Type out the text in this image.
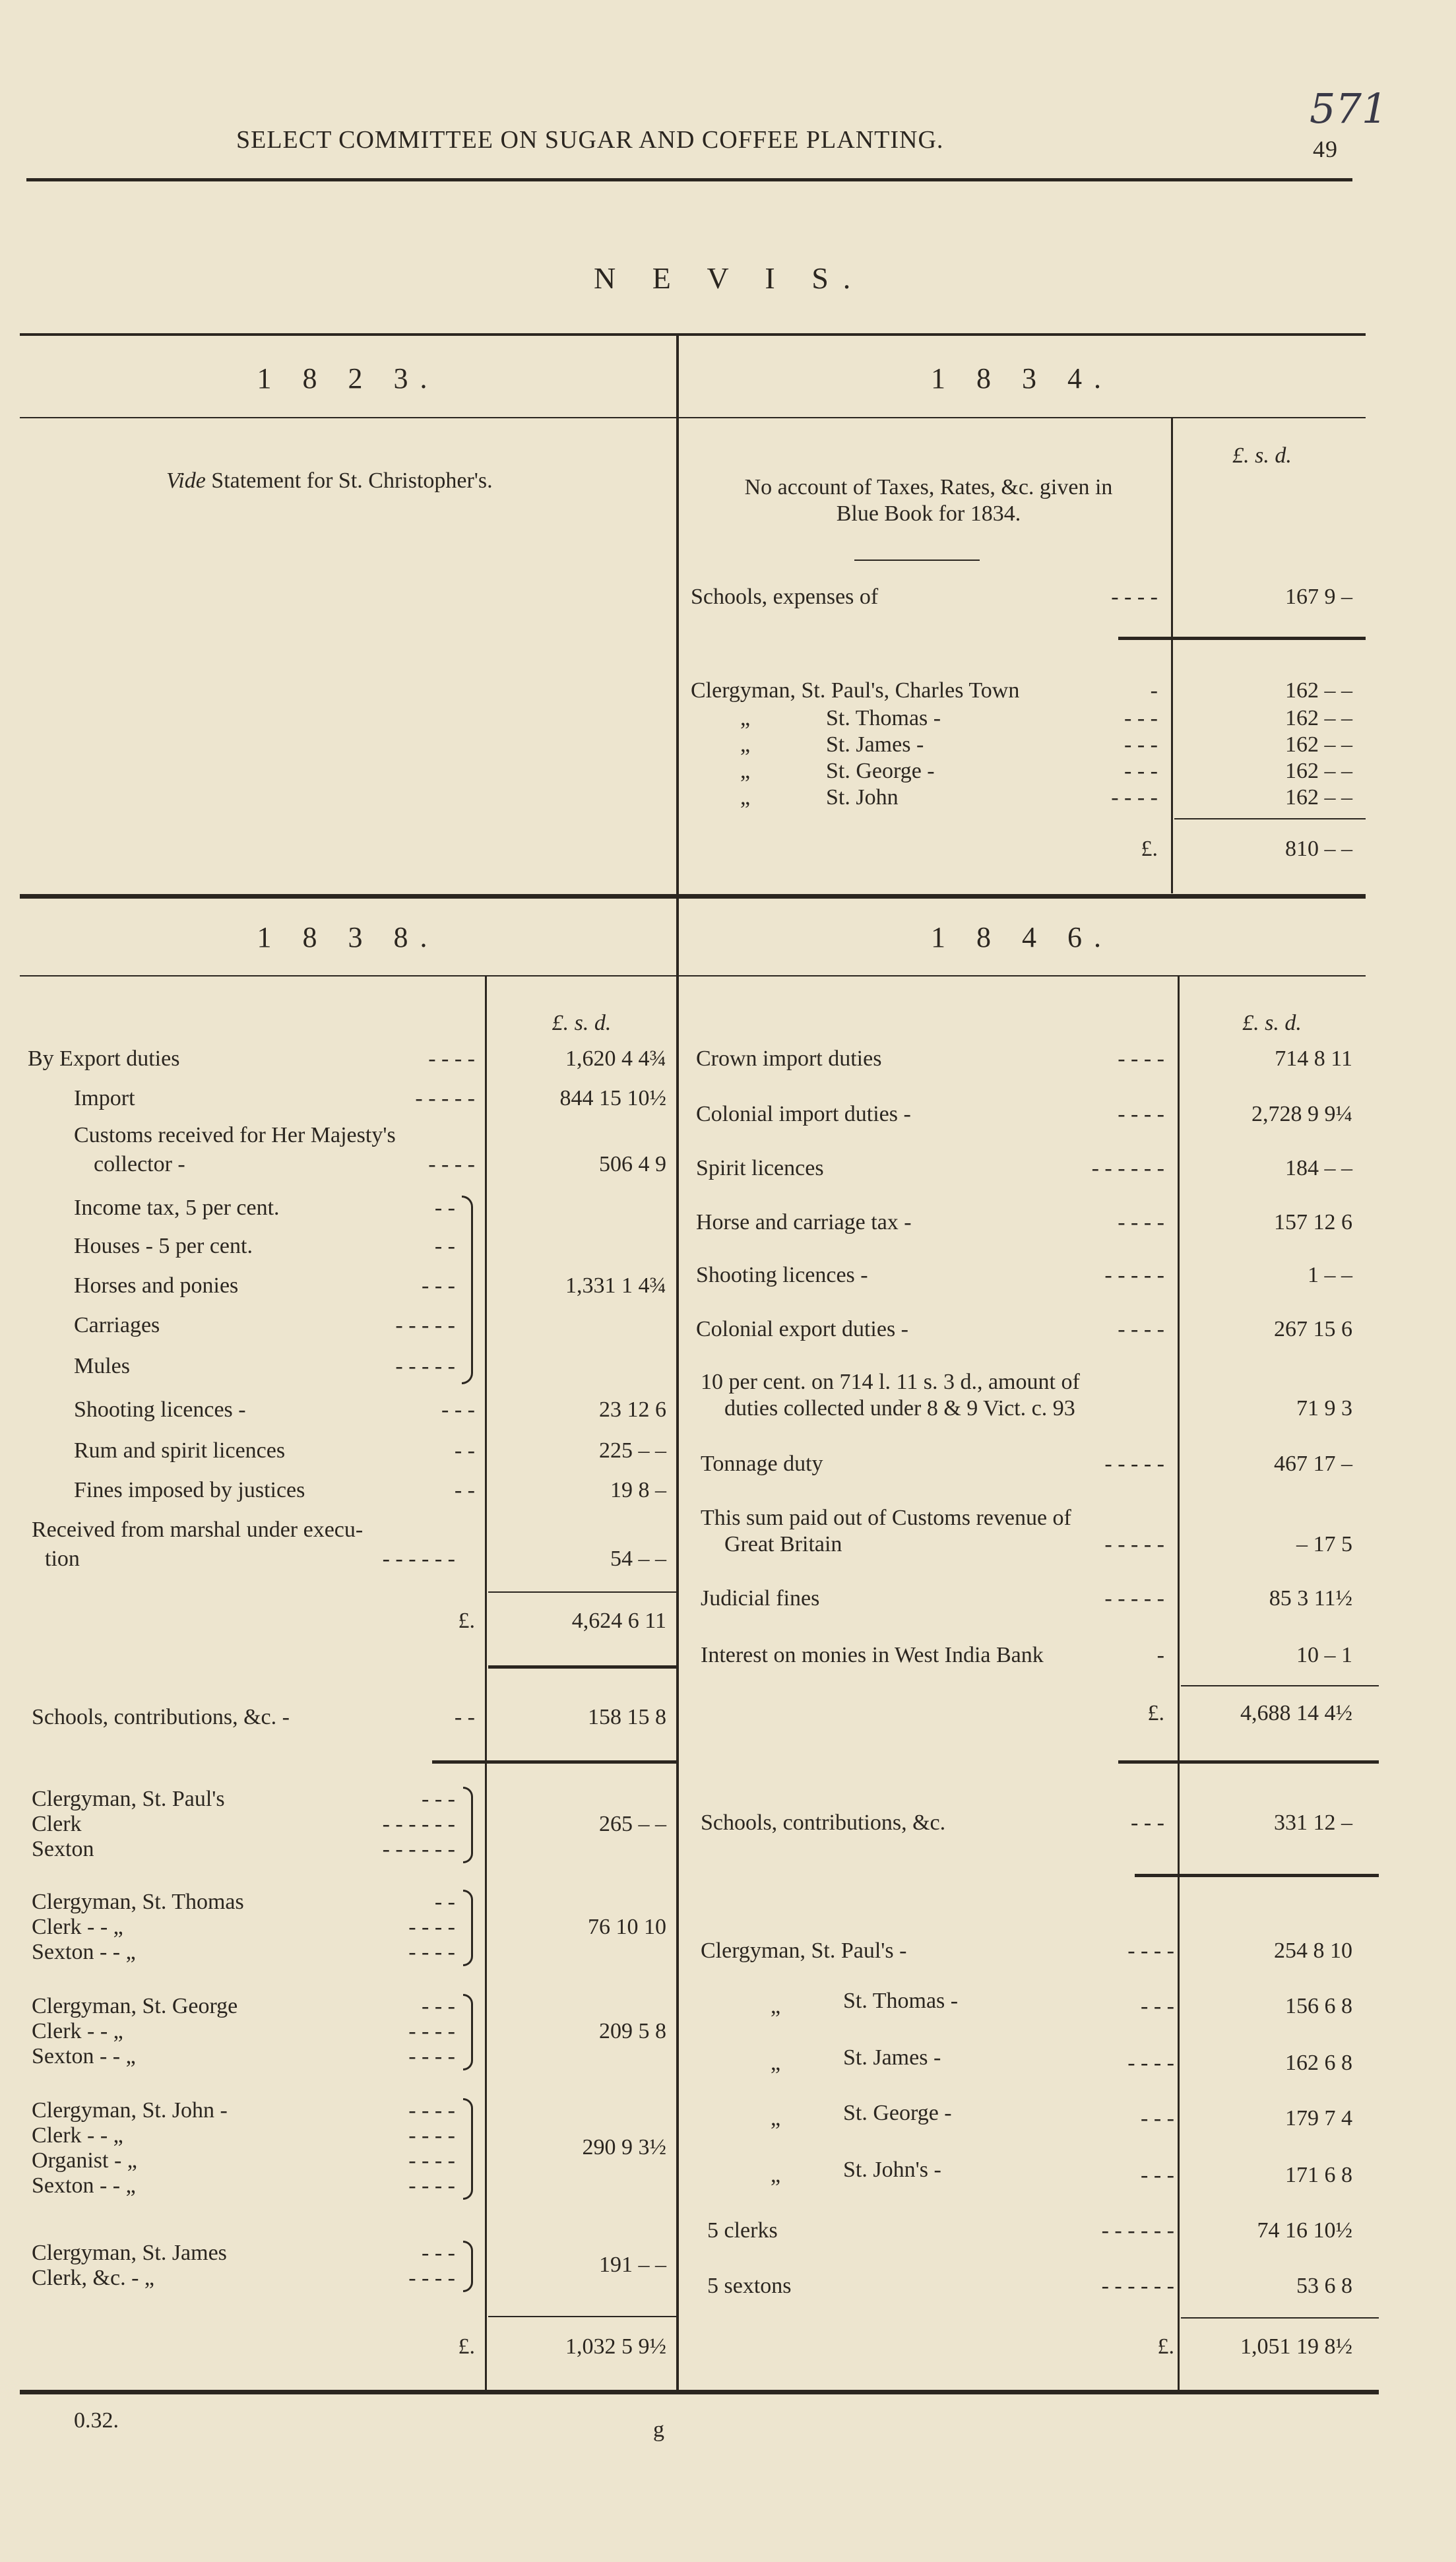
SELECT COMMITTEE ON SUGAR AND COFFEE PLANTING.
571
49
N E V I S.
1 8 2 3.
Vide Statement for St. Christopher's.
1 8 3 4.
£. s. d.
No account of Taxes, Rates, &c. given in
Blue Book for 1834.
Schools, expenses of	- - - -	167 9 –
Clergyman, St. Paul's, Charles Town	-	162 – –
„	St. Thomas -	- - -	162 – –
„	St. James -	- - -	162 – –
„	St. George -	- - -	162 – –
„	St. John	- - - -	162 – –
£.	810 – –
1 8 3 8.
£. s. d.
By Export duties	- - - -	1,620 4 4¾
Import	- - - - -	844 15 10½
Customs received for Her Majesty's
collector -	- - - -	506 4 9
Income tax, 5 per cent.	- -
Houses - 5 per cent.	- -
Horses and ponies	- - -	1,331 1 4¾
Carriages	- - - - -
Mules	- - - - -
Shooting licences -	- - -	23 12 6
Rum and spirit licences	- -	225 – –
Fines imposed by justices	- -	19 8 –
Received from marshal under execu-
tion	- - - - - -	54 – –
£.	4,624 6 11
Schools, contributions, &c. -	- -	158 15 8
Clergyman, St. Paul's	- - -
Clerk	- - - - - -
Sexton	- - - - - -
265 – –
Clergyman, St. Thomas	- -
Clerk - - „	- - - -
Sexton - - „	- - - -
76 10 10
Clergyman, St. George	- - -
Clerk - - „	- - - -
Sexton - - „	- - - -
209 5 8
Clergyman, St. John -	- - - -
Clerk - - „	- - - -
Organist - „	- - - -
Sexton - - „	- - - -
290 9 3½
Clergyman, St. James	- - -
Clerk, &c. - „	- - - -
191 – –
£.	1,032 5 9½
1 8 4 6.
£. s. d.
Crown import duties	- - - -	714 8 11
Colonial import duties -	- - - -	2,728 9 9¼
Spirit licences	- - - - - -	184 – –
Horse and carriage tax -	- - - -	157 12 6
Shooting licences -	- - - - -	1 – –
Colonial export duties -	- - - -	267 15 6
10 per cent. on 714 l. 11 s. 3 d., amount of
duties collected under 8 & 9 Vict. c. 93	71 9 3
Tonnage duty	- - - - -	467 17 –
This sum paid out of Customs revenue of
Great Britain	- - - - -	– 17 5
Judicial fines	- - - - -	85 3 11½
Interest on monies in West India Bank	-	10 – 1
£.	4,688 14 4½
Schools, contributions, &c.	- - -	331 12 –
Clergyman, St. Paul's -	- - - -	254 8 10
„	St. Thomas -	- - -	156 6 8
„	St. James -	- - - -	162 6 8
„	St. George -	- - -	179 7 4
„	St. John's -	- - -	171 6 8
5 clerks	- - - - - -	74 16 10½
5 sextons	- - - - - -	53 6 8
£.	1,051 19 8½
0.32.	g
